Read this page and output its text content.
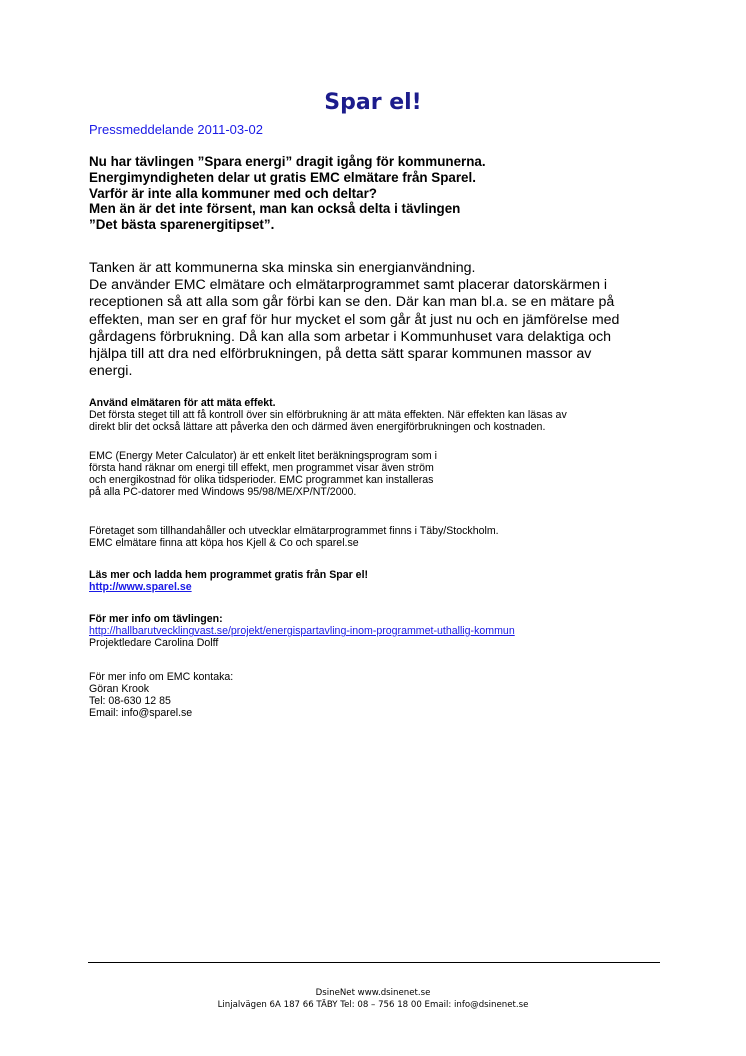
Spar el!
Pressmeddelande 2011-03-02
Nu har tävlingen ”Spara energi” dragit igång för kommunerna.
Energimyndigheten delar ut gratis EMC elmätare från Sparel.
Varför är inte alla kommuner med och deltar?
Men än är det inte försent, man kan också delta i tävlingen
”Det bästa sparenergitipset”.
Tanken är att kommunerna ska minska sin energianvändning.
De använder EMC elmätare och elmätarprogrammet samt placerar datorskärmen i
receptionen så att alla som går förbi kan se den. Där kan man bl.a. se en mätare på
effekten, man ser en graf för hur mycket el som går åt just nu och en jämförelse med
gårdagens förbrukning. Då kan alla som arbetar i Kommunhuset vara delaktiga och
hjälpa till att dra ned elförbrukningen, på detta sätt sparar kommunen massor av
energi.
Använd elmätaren för att mäta effekt.
Det första steget till att få kontroll över sin elförbrukning är att mäta effekten. När effekten kan läsas av
direkt blir det också lättare att påverka den och därmed även energiförbrukningen och kostnaden.
EMC (Energy Meter Calculator) är ett enkelt litet beräkningsprogram som i
första hand räknar om energi till effekt, men programmet visar även ström
och energikostnad för olika tidsperioder. EMC programmet kan installeras
på alla PC-datorer med Windows 95/98/ME/XP/NT/2000.
Företaget som tillhandahåller och utvecklar elmätarprogrammet finns i Täby/Stockholm.
EMC elmätare finna att köpa hos Kjell & Co och sparel.se
Läs mer och ladda hem programmet gratis från Spar el!
http://www.sparel.se
För mer info om tävlingen:
http://hallbarutvecklingvast.se/projekt/energispartavling-inom-programmet-uthallig-kommun
Projektledare Carolina Dolff
För mer info om EMC kontaka:
Göran Krook
Tel: 08-630 12 85
Email: info@sparel.se
DsineNet www.dsinenet.se
Linjalvägen 6A 187 66 TÄBY Tel: 08 – 756 18 00 Email: info@dsinenet.se
